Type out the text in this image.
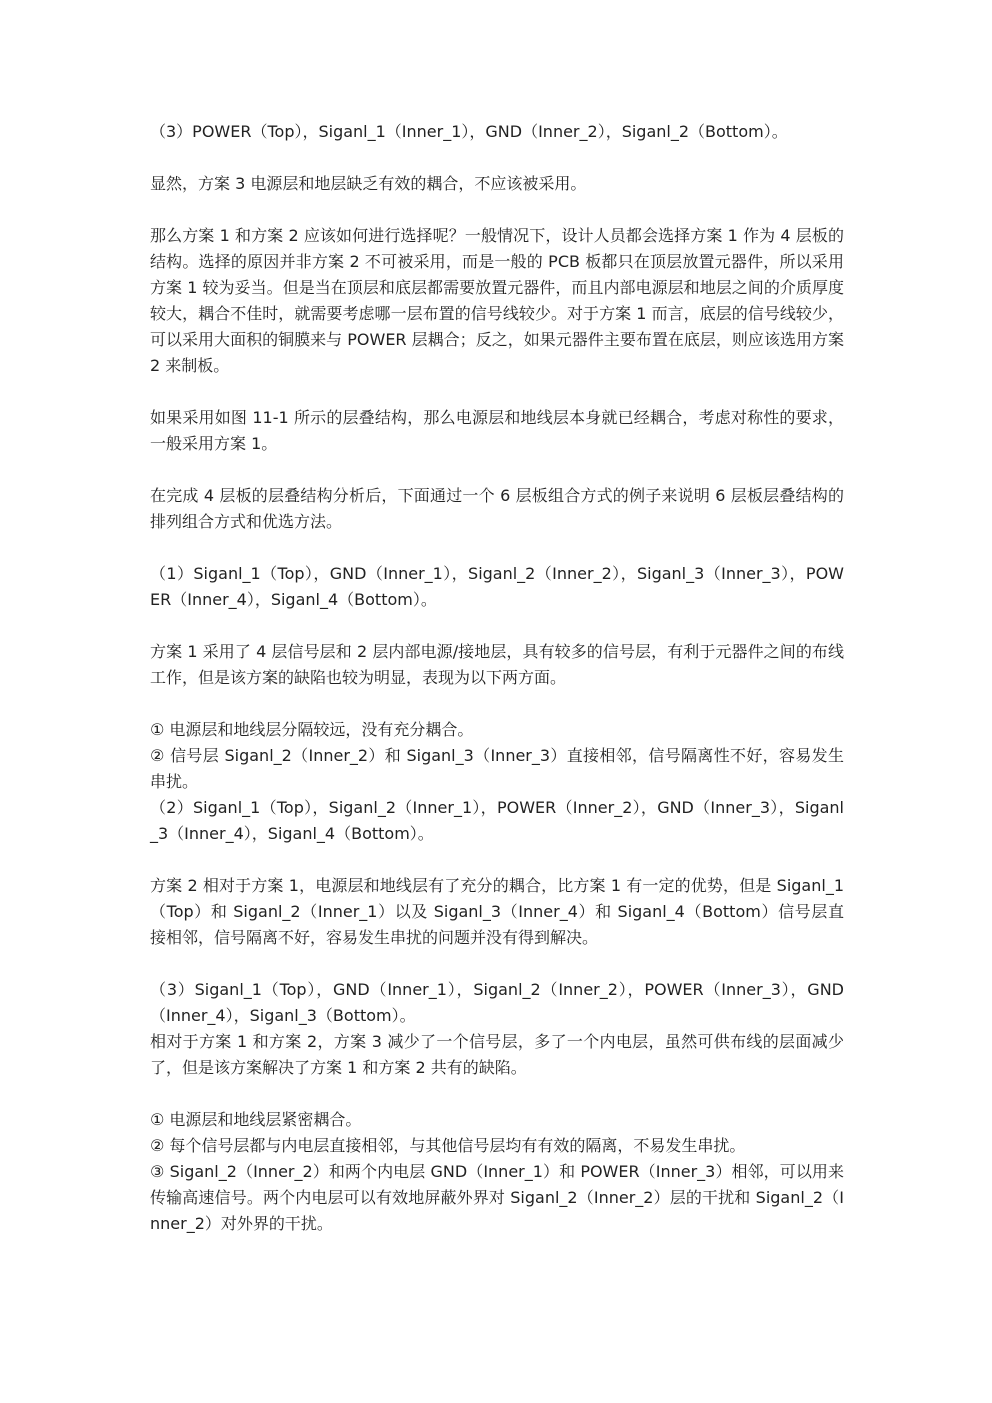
（3）POWER（Top），Siganl_1（Inner_1），GND（Inner_2），Siganl_2（Bottom）。

显然，方案 3 电源层和地层缺乏有效的耦合，不应该被采用。

那么方案 1 和方案 2 应该如何进行选择呢？一般情况下，设计人员都会选择方案 1 作为 4 层板的结构。选择的原因并非方案 2 不可被采用，而是一般的 PCB 板都只在顶层放置元器件，所以采用方案 1 较为妥当。但是当在顶层和底层都需要放置元器件，而且内部电源层和地层之间的介质厚度较大，耦合不佳时，就需要考虑哪一层布置的信号线较少。对于方案 1 而言，底层的信号线较少，可以采用大面积的铜膜来与 POWER 层耦合；反之，如果元器件主要布置在底层，则应该选用方案 2 来制板。

如果采用如图 11-1 所示的层叠结构，那么电源层和地线层本身就已经耦合，考虑对称性的要求，一般采用方案 1。

在完成 4 层板的层叠结构分析后，下面通过一个 6 层板组合方式的例子来说明 6 层板层叠结构的排列组合方式和优选方法。

（1）Siganl_1（Top），GND（Inner_1），Siganl_2（Inner_2），Siganl_3（Inner_3），POWER（Inner_4），Siganl_4（Bottom）。

方案 1 采用了 4 层信号层和 2 层内部电源/接地层，具有较多的信号层，有利于元器件之间的布线工作，但是该方案的缺陷也较为明显，表现为以下两方面。

① 电源层和地线层分隔较远，没有充分耦合。

② 信号层 Siganl_2（Inner_2）和 Siganl_3（Inner_3）直接相邻，信号隔离性不好，容易发生串扰。

（2）Siganl_1（Top），Siganl_2（Inner_1），POWER（Inner_2），GND（Inner_3），Siganl_3（Inner_4），Siganl_4（Bottom）。

方案 2 相对于方案 1，电源层和地线层有了充分的耦合，比方案 1 有一定的优势，但是 Siganl_1（Top）和 Siganl_2（Inner_1）以及 Siganl_3（Inner_4）和 Siganl_4（Bottom）信号层直接相邻，信号隔离不好，容易发生串扰的问题并没有得到解决。

（3）Siganl_1（Top），GND（Inner_1），Siganl_2（Inner_2），POWER（Inner_3），GND（Inner_4），Siganl_3（Bottom）。

相对于方案 1 和方案 2，方案 3 减少了一个信号层，多了一个内电层，虽然可供布线的层面减少了，但是该方案解决了方案 1 和方案 2 共有的缺陷。

① 电源层和地线层紧密耦合。

② 每个信号层都与内电层直接相邻，与其他信号层均有有效的隔离，不易发生串扰。

③ Siganl_2（Inner_2）和两个内电层 GND（Inner_1）和 POWER（Inner_3）相邻，可以用来传输高速信号。两个内电层可以有效地屏蔽外界对 Siganl_2（Inner_2）层的干扰和 Siganl_2（Inner_2）对外界的干扰。
